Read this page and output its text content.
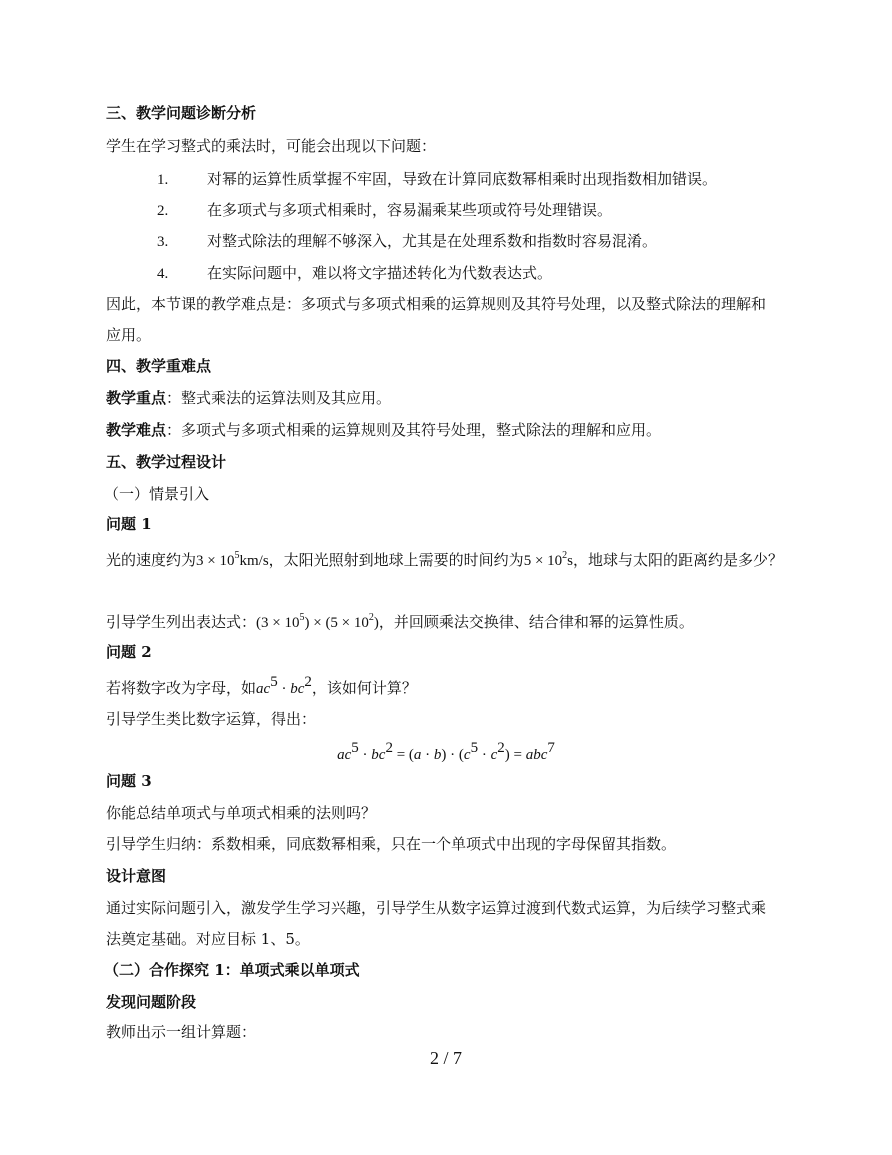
三、教学问题诊断分析
学生在学习整式的乘法时，可能会出现以下问题：
1.	对幂的运算性质掌握不牢固，导致在计算同底数幂相乘时出现指数相加错误。
2.	在多项式与多项式相乘时，容易漏乘某些项或符号处理错误。
3.	对整式除法的理解不够深入，尤其是在处理系数和指数时容易混淆。
4.	在实际问题中，难以将文字描述转化为代数表达式。
因此，本节课的教学难点是：多项式与多项式相乘的运算规则及其符号处理，以及整式除法的理解和
应用。
四、教学重难点
教学重点：整式乘法的运算法则及其应用。
教学难点：多项式与多项式相乘的运算规则及其符号处理，整式除法的理解和应用。
五、教学过程设计
（一）情景引入
问题 1
光的速度约为$3 \times 10^5km/s$，太阳光照射到地球上需要的时间约为$5 \times 10^2s$，地球与太阳的距离约是多少？
引导学生列出表达式：$(3 \times 10^5) \times (5 \times 10^2)$，并回顾乘法交换律、结合律和幂的运算性质。
问题 2
若将数字改为字母，如$ac^5 \cdot bc^2$，该如何计算？
引导学生类比数字运算，得出：
$ac^5 \cdot bc^2 = (a \cdot b) \cdot (c^5 \cdot c^2) = abc^7$
问题 3
你能总结单项式与单项式相乘的法则吗？
引导学生归纳：系数相乘，同底数幂相乘，只在一个单项式中出现的字母保留其指数。
设计意图
通过实际问题引入，激发学生学习兴趣，引导学生从数字运算过渡到代数式运算，为后续学习整式乘
法奠定基础。对应目标 1、5。
（二）合作探究 1：单项式乘以单项式
发现问题阶段
教师出示一组计算题：
2 / 7
